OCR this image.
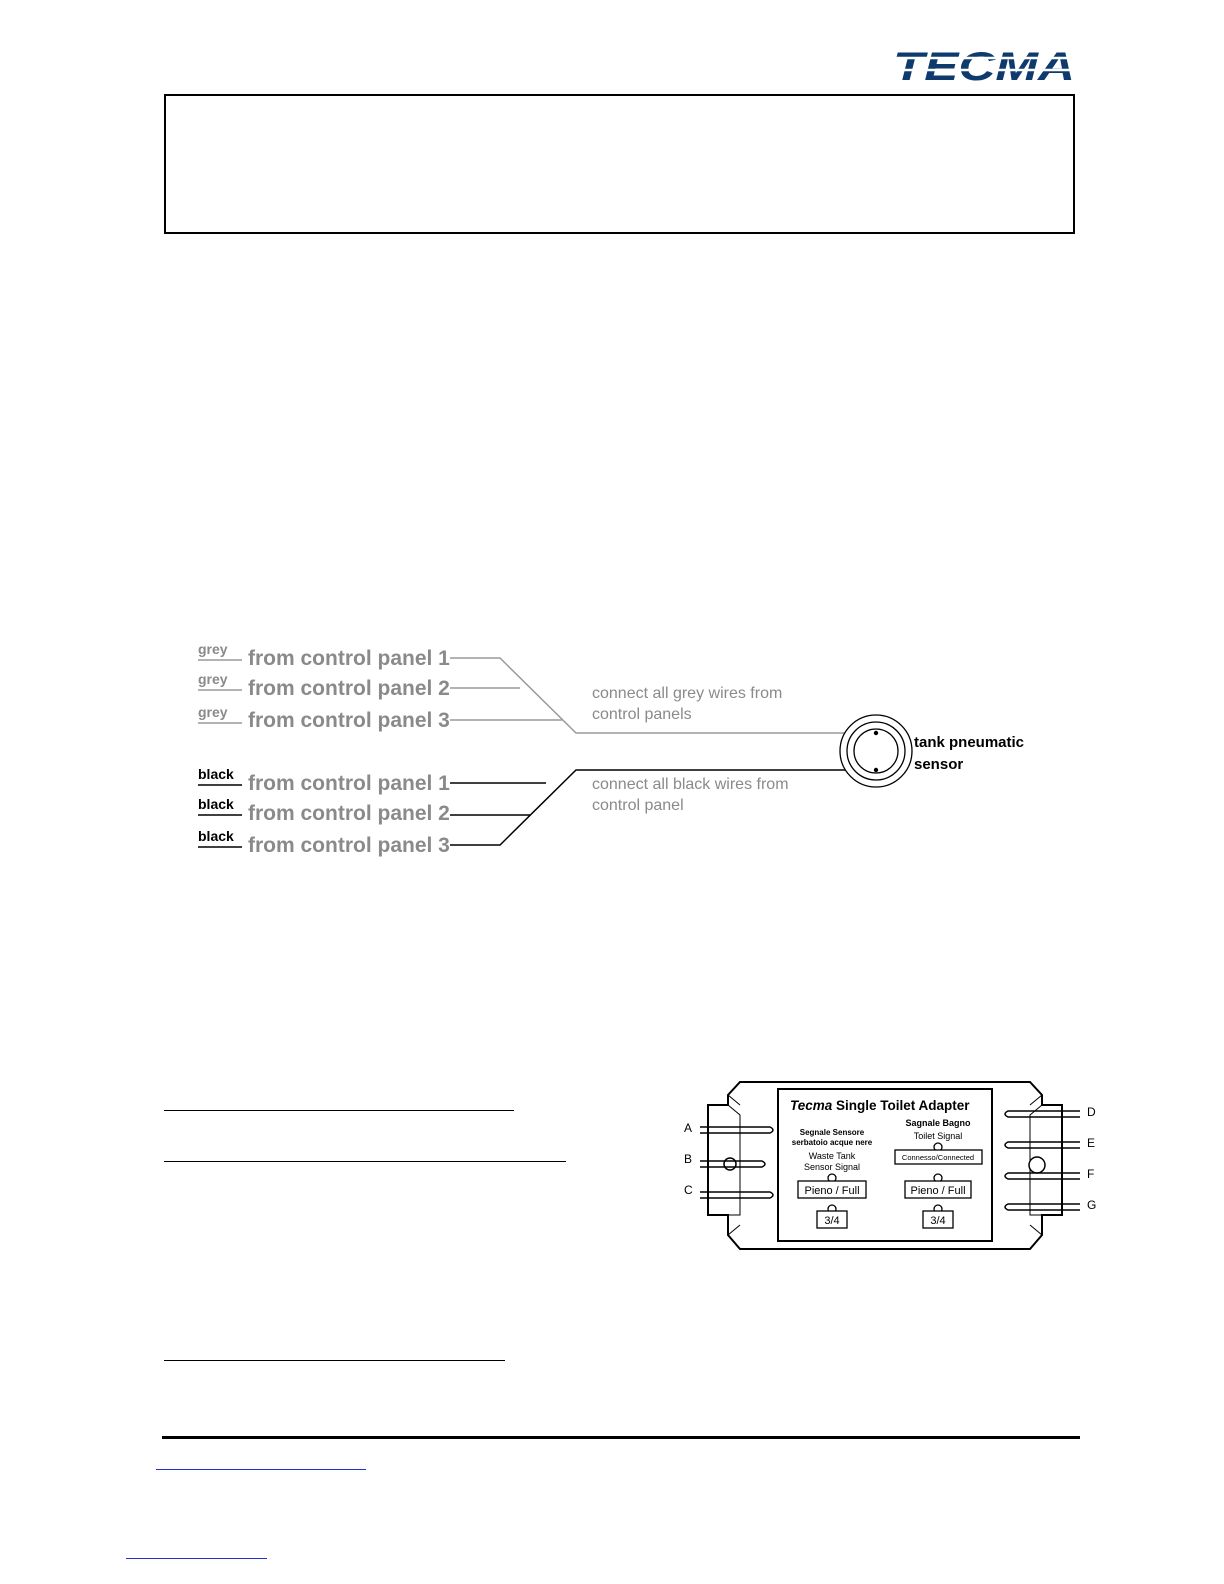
TECMA
grey from control panel 1
grey from control panel 2
grey from control panel 3
black from control panel 1
black from control panel 2
black from control panel 3
connect all grey wires from
control panels
connect all black wires from
control panel
tank pneumatic
sensor
A
B
C
D
E
F
G
Tecma Single Toilet Adapter
Segnale Sensore
serbatoio acque nere
Waste Tank
Sensor Signal
Sagnale Bagno
Toilet Signal
Connesso/Connected
Pieno / Full	Pieno / Full
3/4	3/4
